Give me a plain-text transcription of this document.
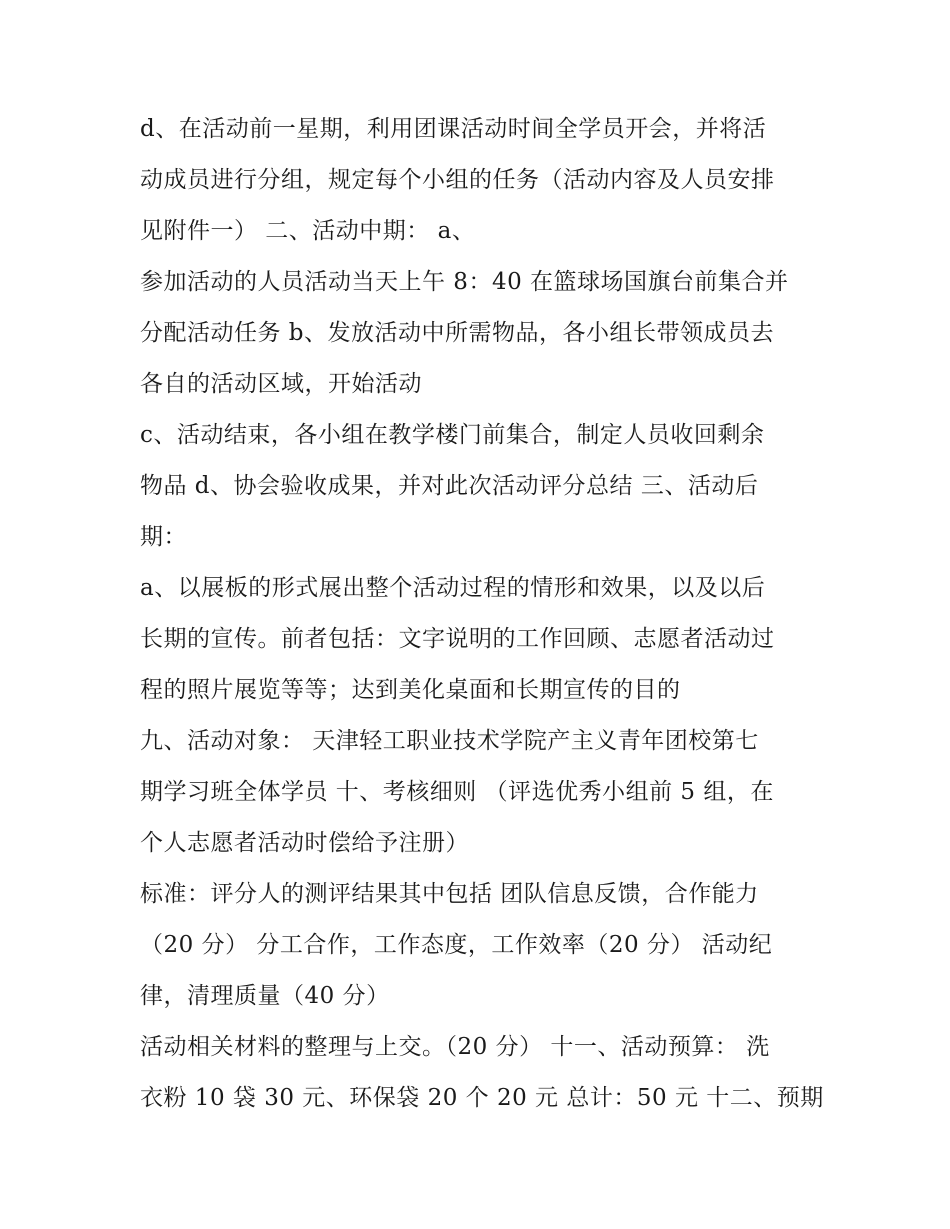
d、在活动前一星期，利用团课活动时间全学员开会，并将活
动成员进行分组，规定每个小组的任务（活动内容及人员安排
见附件一） 二、活动中期： a、
参加活动的人员活动当天上午 8：40 在篮球场国旗台前集合并
分配活动任务 b、发放活动中所需物品，各小组长带领成员去
各自的活动区域，开始活动
c、活动结束，各小组在教学楼门前集合，制定人员收回剩余
物品 d、协会验收成果，并对此次活动评分总结 三、活动后
期：
a、以展板的形式展出整个活动过程的情形和效果，以及以后
长期的宣传。前者包括：文字说明的工作回顾、志愿者活动过
程的照片展览等等；达到美化桌面和长期宣传的目的
九、活动对象： 天津轻工职业技术学院产主义青年团校第七
期学习班全体学员 十、考核细则 （评选优秀小组前 5 组，在
个人志愿者活动时偿给予注册）
标准：评分人的测评结果其中包括 团队信息反馈，合作能力
（20 分） 分工合作，工作态度，工作效率（20 分） 活动纪
律，清理质量（40 分）
活动相关材料的整理与上交。（20 分） 十一、活动预算： 洗
衣粉 10 袋 30 元、环保袋 20 个 20 元 总计：50 元 十二、预期
